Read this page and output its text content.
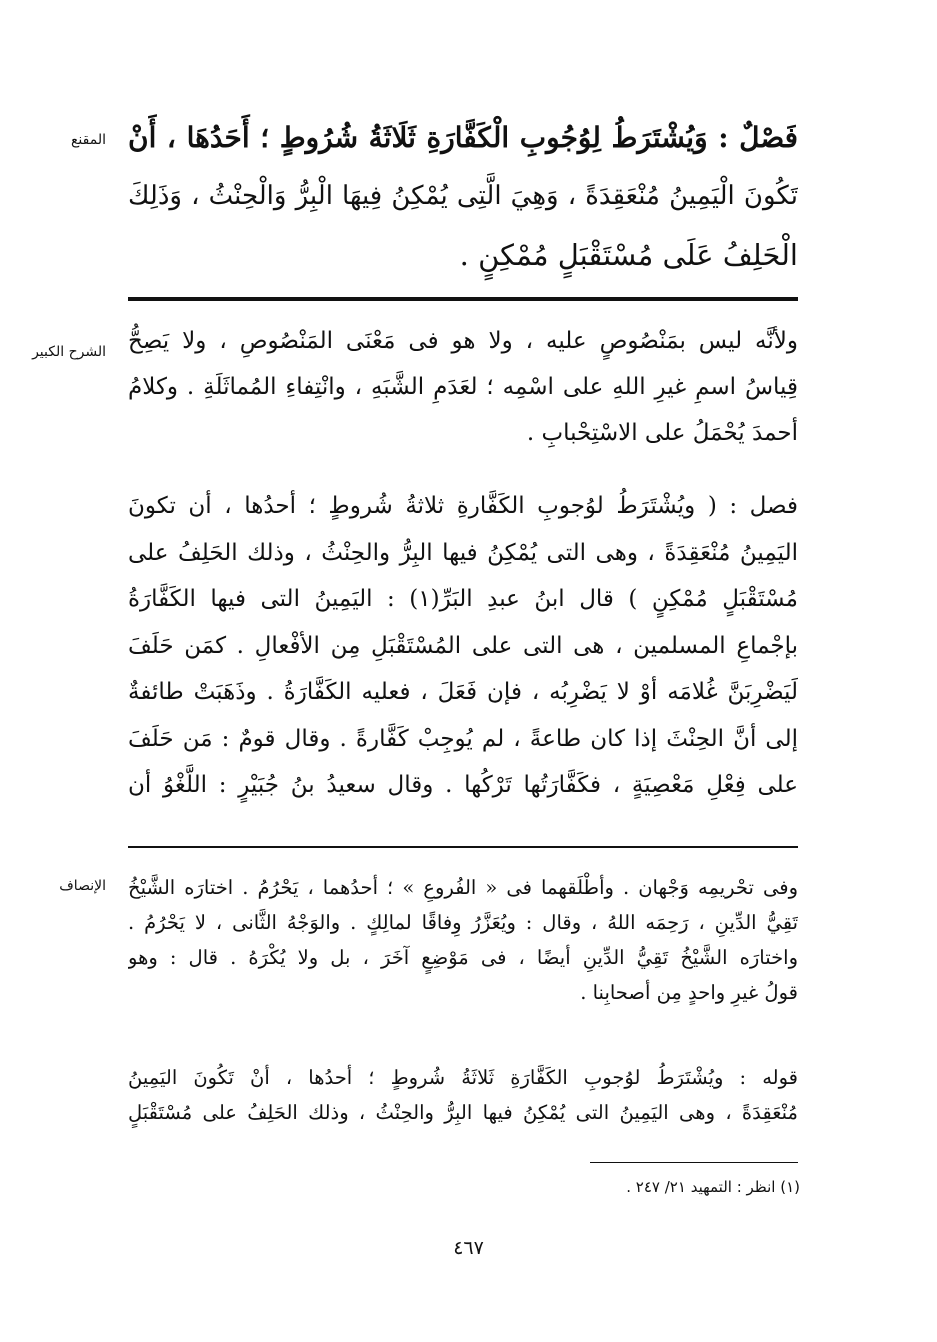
المقنع
الشرح الكبير
الإنصاف
فَصْلٌ : وَيُشْتَرَطُ لِوُجُوبِ الْكَفَّارَةِ ثَلَاثَةُ شُرُوطٍ ؛ أَحَدُهَا ، أَنْ
تَكُونَ الْيَمِينُ مُنْعَقِدَةً ، وَهِيَ الَّتِى يُمْكِنُ فِيهَا الْبِرُّ وَالْحِنْثُ ، وَذَلِكَ
الْحَلِفُ عَلَى مُسْتَقْبَلٍ مُمْكِنٍ .
ولأنَّه ليس بمَنْصُوصٍ عليه ، ولا هو فى مَعْنَى المَنْصُوصِ ، ولا يَصِحُّ
قِياسُ اسمِ غيرِ اللهِ على اسْمِه ؛ لعَدَمِ الشَّبَهِ ، وانْتِفاءِ المُماثَلَةِ . وكلامُ
أحمدَ يُحْمَلُ على الاسْتِحْبابِ .
فصل : ( ويُشْتَرَطُ لوُجوبِ الكَفَّارةِ ثلاثةُ شُروطٍ ؛ أحدُها ، أن تكونَ
اليَمِينُ مُنْعَقِدَةً ، وهى التى يُمْكِنُ فيها البِرُّ والحِنْثُ ، وذلك الحَلِفُ على
مُسْتَقْبَلٍ مُمْكِنٍ ) قال ابنُ عبدِ البَرِّ(١) : اليَمِينُ التى فيها الكَفَّارَةُ
بإجْماعِ المسلمين ، هى التى على المُسْتَقْبَلِ مِن الأفْعالِ . كمَن حَلَفَ
لَيَضْرِبَنَّ غُلامَه أوْ لا يَضْرِبُه ، فإن فَعَلَ ، فعليه الكَفَّارَةُ . وذَهَبَتْ طائفةٌ
إلى أنَّ الحِنْثَ إذا كان طاعةً ، لم يُوجِبْ كَفَّارةً . وقال قومٌ : مَن حَلَفَ
على فِعْلِ مَعْصِيَةٍ ، فكَفَّارَتُها تَرْكُها . وقال سعيدُ بنُ جُبَيْرٍ : اللَّغْوُ أن
وفى تحْريمِه وَجْهان . وأطْلَقهما فى « الفُروعِ » ؛ أحدُهما ، يَحْرُمُ . اختارَه الشَّيْخُ
تَقِيُّ الدِّينِ ، رَحِمَه اللهُ ، وقال : ويُعَزَّرُ وِفاقًا لمالِكٍ . والوَجْهُ الثَّانى ، لا يَحْرُمُ .
واختارَه الشَّيْخُ تَقِيُّ الدِّينِ أيضًا ، فى مَوْضِعٍ آخَرَ ، بل ولا يُكْرَهُ . قال : وهو
قولُ غيرِ واحدٍ مِن أصحابِنا .
قوله : ويُشْتَرَطُ لوُجوبِ الكَفَّارَةِ ثَلاثَةُ شُروطٍ ؛ أحدُها ، أنْ تَكُونَ اليَمِينُ
مُنْعَقِدَةً ، وهى اليَمِينُ التى يُمْكِنُ فيها البِرُّ والحِنْثُ ، وذلك الحَلِفُ على مُسْتَقْبَلٍ
(١) انظر : التمهيد ٢١/ ٢٤٧ .
٤٦٧
